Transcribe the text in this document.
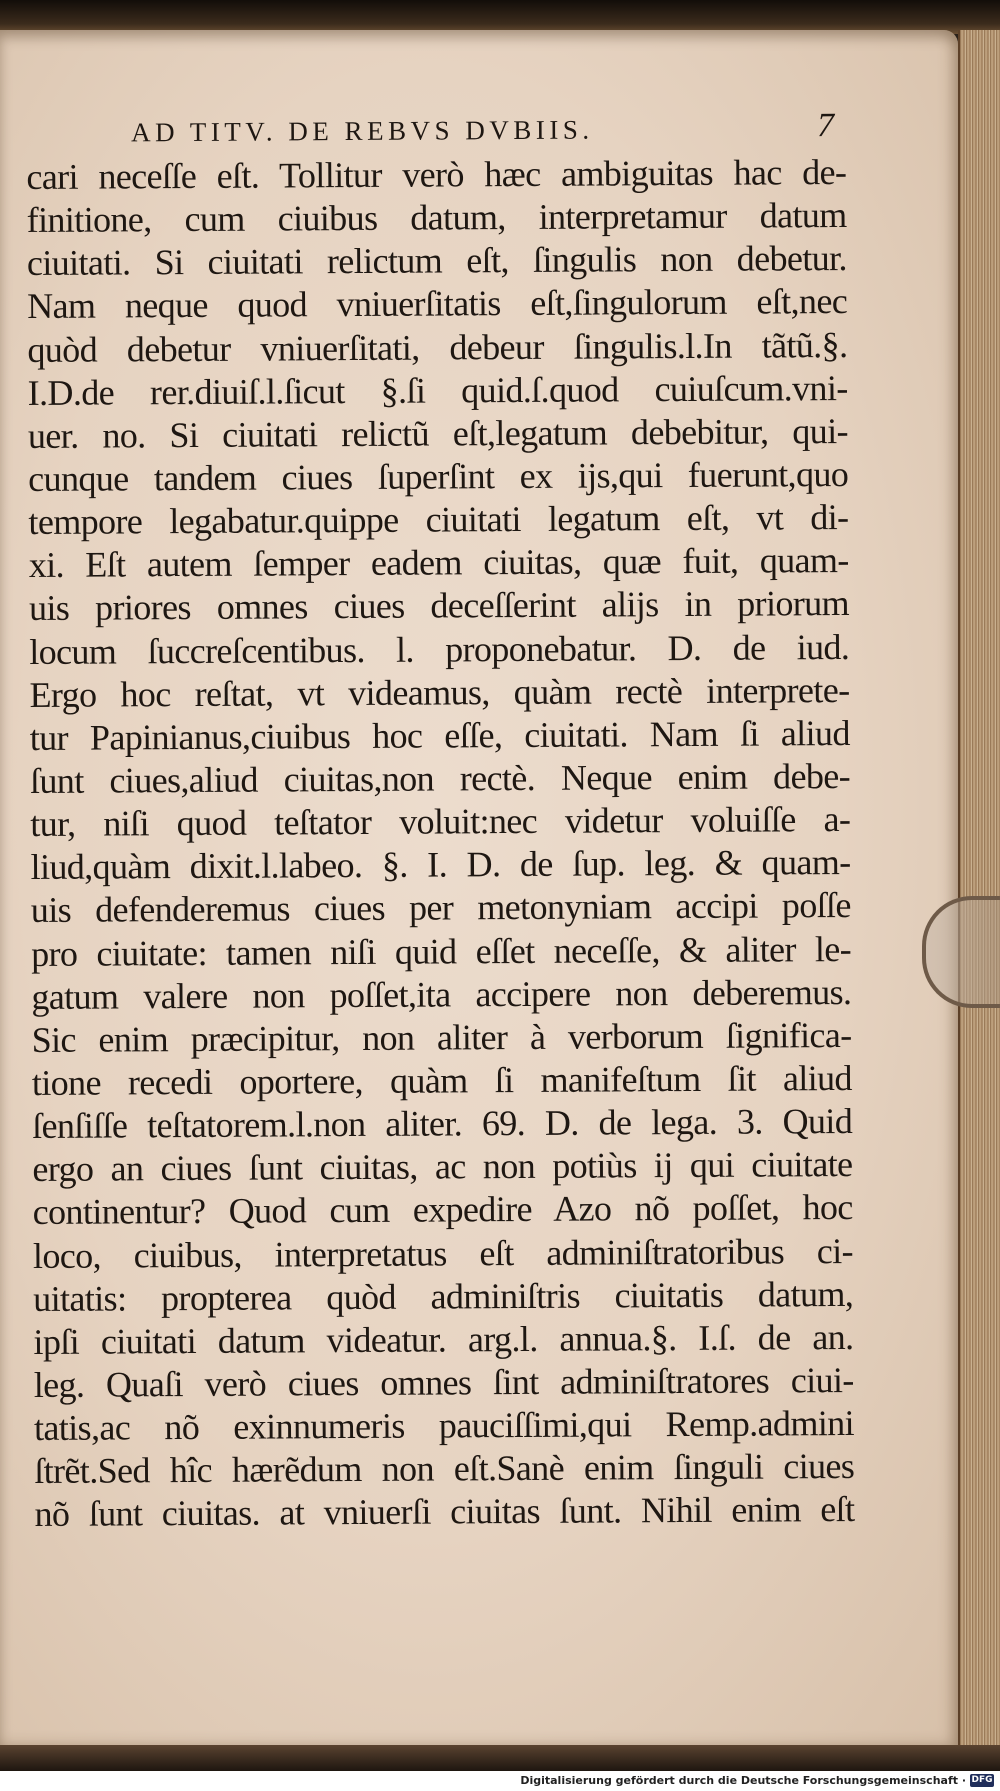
AD TITV. DE REBVS DVBIIS.	7
cari neceſſe eſt. Tollitur verò hæc ambiguitas hac de-
finitione, cum ciuibus datum, interpretamur datum
ciuitati. Si ciuitati relictum eſt, ſingulis non debetur.
Nam neque quod vniuerſitatis eſt,ſingulorum eſt,nec
quòd debetur vniuerſitati, debeur ſingulis.l.In tãtũ.§.
I.D.de rer.diuiſ.l.ſicut §.ſi quid.ſ.quod cuiuſcum.vni-
uer. no. Si ciuitati relictũ eſt,legatum debebitur, qui-
cunque tandem ciues ſuperſint ex ijs,qui fuerunt,quo
tempore legabatur.quippe ciuitati legatum eſt, vt di-
xi. Eſt autem ſemper eadem ciuitas, quæ fuit, quam-
uis priores omnes ciues deceſſerint alijs in priorum
locum ſuccreſcentibus. l. proponebatur. D. de iud.
Ergo hoc reſtat, vt videamus, quàm rectè interprete-
tur Papinianus,ciuibus hoc eſſe, ciuitati. Nam ſi aliud
ſunt ciues,aliud ciuitas,non rectè. Neque enim debe-
tur, niſi quod teſtator voluit:nec videtur voluiſſe a-
liud,quàm dixit.l.labeo. §. I. D. de ſup. leg. & quam-
uis defenderemus ciues per metonyniam accipi poſſe
pro ciuitate: tamen niſi quid eſſet neceſſe, & aliter le-
gatum valere non poſſet,ita accipere non deberemus.
Sic enim præcipitur, non aliter à verborum ſignifica-
tione recedi oportere, quàm ſi manifeſtum ſit aliud
ſenſiſſe teſtatorem.l.non aliter. 69. D. de lega. 3. Quid
ergo an ciues ſunt ciuitas, ac non potiùs ij qui ciuitate
continentur? Quod cum expedire Azo nõ poſſet, hoc
loco, ciuibus, interpretatus eſt adminiſtratoribus ci-
uitatis: propterea quòd adminiſtris ciuitatis datum,
ipſi ciuitati datum videatur. arg.l. annua.§. I.ſ. de an.
leg. Quaſi verò ciues omnes ſint adminiſtratores ciui-
tatis,ac nõ exinnumeris pauciſſimi,qui Remp.admini
ſtrẽt.Sed hîc hærẽdum non eſt.Sanè enim ſinguli ciues
nõ ſunt ciuitas. at vniuerſi ciuitas ſunt. Nihil enim eſt
Digitalisierung gefördert durch die Deutsche Forschungsgemeinschaft · DFG
